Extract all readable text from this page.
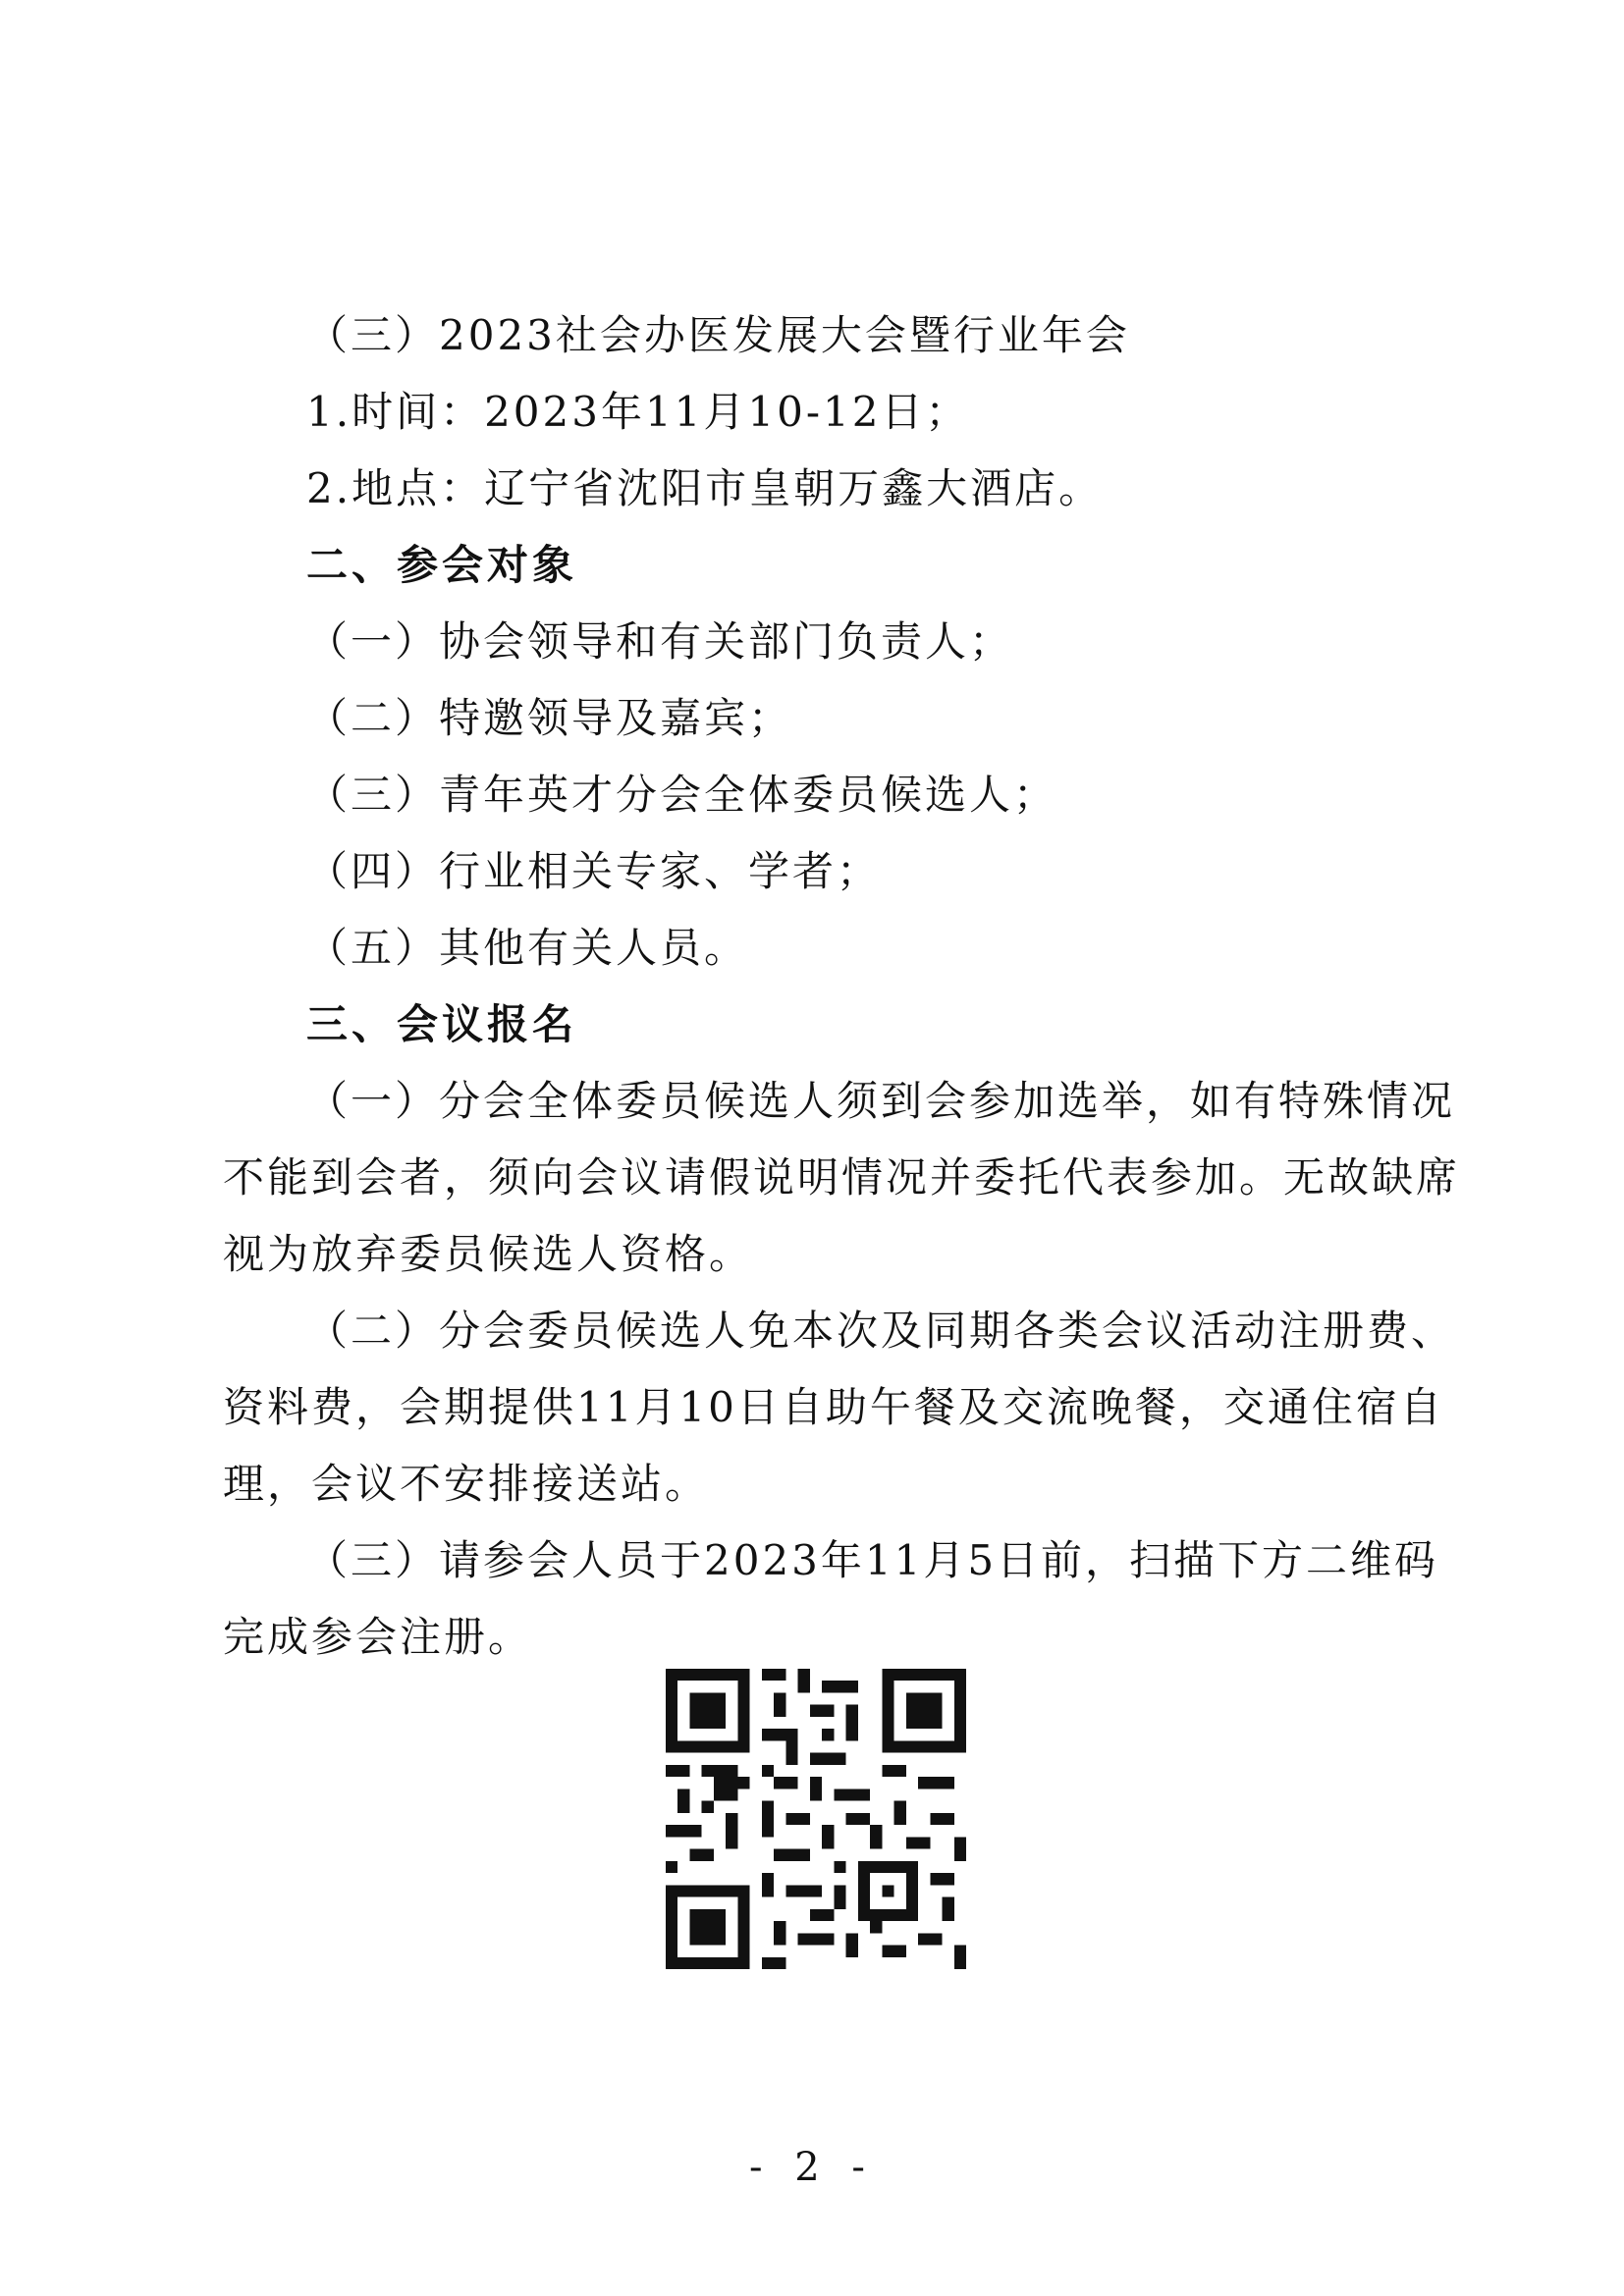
（三）2023社会办医发展大会暨行业年会
1.时间：2023年11月10-12日；
2.地点：辽宁省沈阳市皇朝万鑫大酒店。
二、参会对象
（一）协会领导和有关部门负责人；
（二）特邀领导及嘉宾；
（三）青年英才分会全体委员候选人；
（四）行业相关专家、学者；
（五）其他有关人员。
三、会议报名
（一）分会全体委员候选人须到会参加选举，如有特殊情况
不能到会者，须向会议请假说明情况并委托代表参加。无故缺席
视为放弃委员候选人资格。
（二）分会委员候选人免本次及同期各类会议活动注册费、
资料费，会期提供11月10日自助午餐及交流晚餐，交通住宿自
理，会议不安排接送站。
（三）请参会人员于2023年11月5日前，扫描下方二维码
完成参会注册。
- 2 -
